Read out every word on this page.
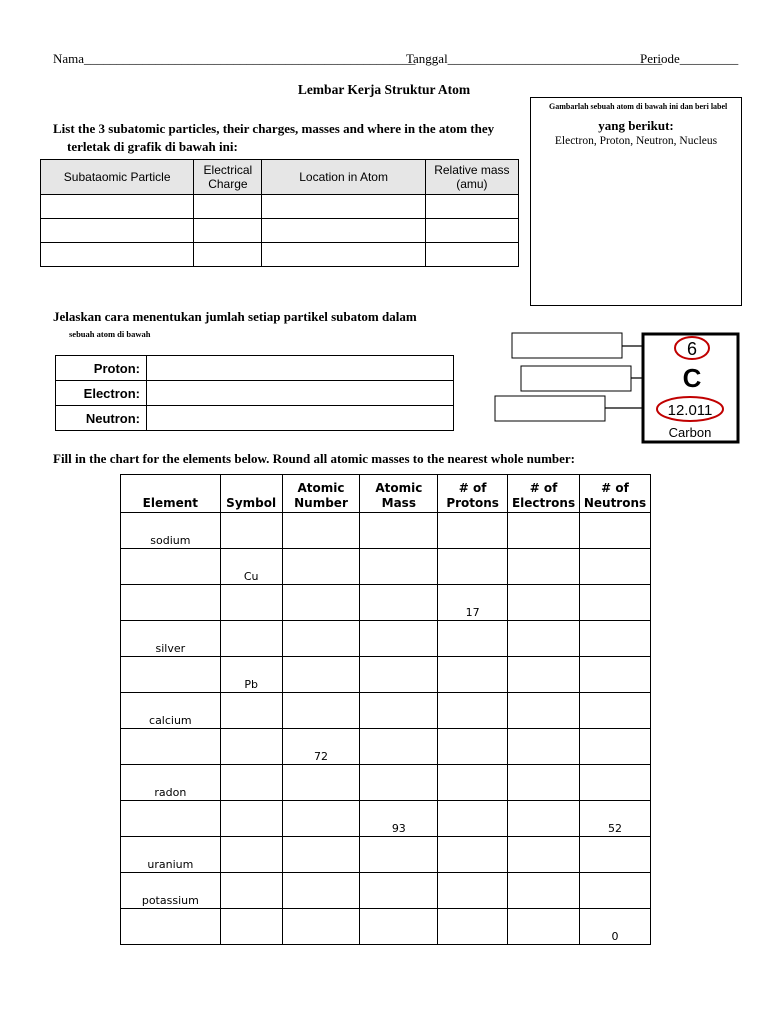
Nama___________________________________________________
Tanggal_________________________________
Periode_________
Lembar Kerja Struktur Atom
List the 3 subatomic particles, their charges, masses and where in the atom they
terletak di grafik di bawah ini:
Subataomic Particle	Electrical Charge	Location in Atom	Relative mass (amu)

Gambarlah sebuah atom di bawah ini dan beri label
yang berikut:
Electron, Proton, Neutron, Nucleus
Jelaskan cara menentukan jumlah setiap partikel subatom dalam
sebuah atom di bawah
Proton:	
Electron:	
Neutron:	
6
C
12.011
Carbon
Fill in the chart for the elements below. Round all atomic masses to the nearest whole number:
Element	Symbol	Atomic Number	Atomic Mass	# of Protons	# of Electrons	# of Neutrons
sodium						
	Cu					
				17		
silver						
	Pb					
calcium						
		72				
radon						
			93			52
uranium						
potassium						
						0
